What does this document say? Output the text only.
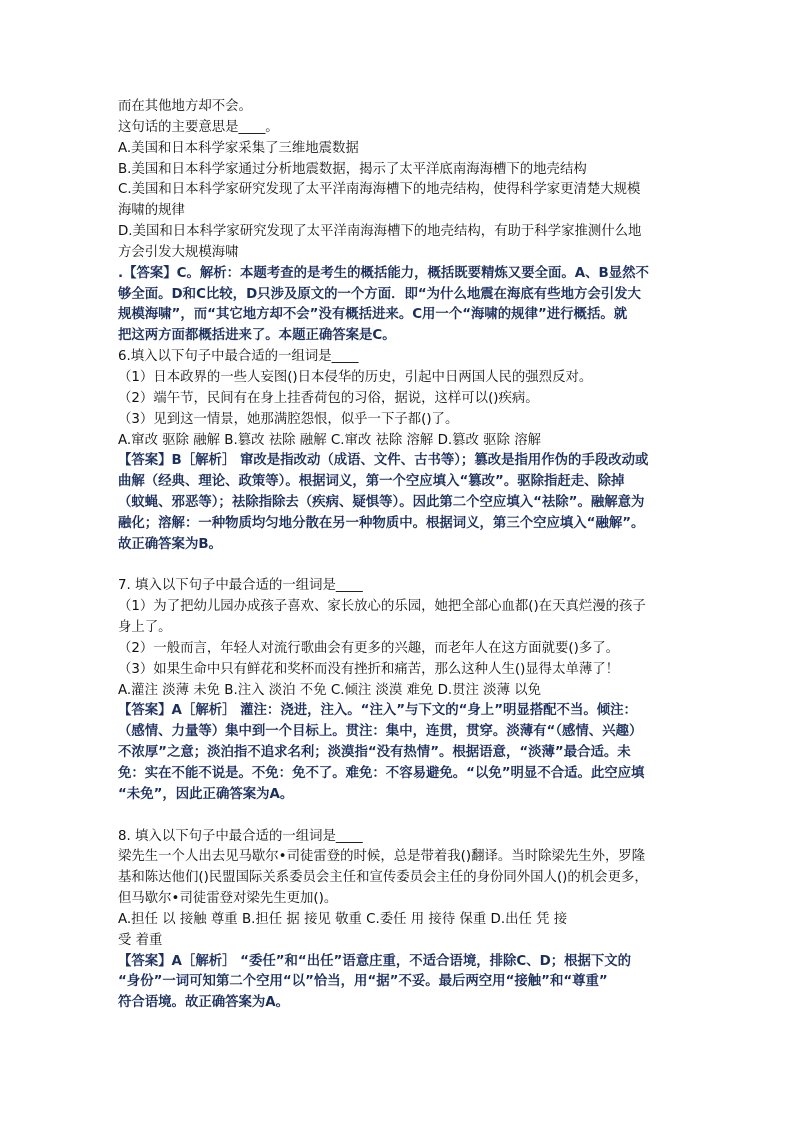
而在其他地方却不会。
这句话的主要意思是____。
A.美国和日本科学家采集了三维地震数据
B.美国和日本科学家通过分析地震数据，揭示了太平洋底南海海槽下的地壳结构
C.美国和日本科学家研究发现了太平洋南海海槽下的地壳结构，使得科学家更清楚大规模
海啸的规律
D.美国和日本科学家研究发现了太平洋南海海槽下的地壳结构，有助于科学家推测什么地
方会引发大规模海啸
.【答案】C。解析：本题考查的是考生的概括能力，概括既要精炼又要全面。A、B显然不
够全面。D和C比较，D只涉及原文的一个方面．即“为什么地震在海底有些地方会引发大
规模海啸”，而“其它地方却不会”没有概括进来。C用一个“海啸的规律”进行概括。就
把这两方面都概括进来了。本题正确答案是C。
6.填入以下句子中最合适的一组词是____
（1）日本政界的一些人妄图()日本侵华的历史，引起中日两国人民的强烈反对。
（2）端午节，民间有在身上挂香荷包的习俗，据说，这样可以()疾病。
（3）见到这一情景，她那满腔怨恨，似乎一下子都()了。
A.窜改 驱除 融解 B.篡改 祛除 融解 C.窜改 祛除 溶解 D.篡改 驱除 溶解
【答案】B［解析］ 窜改是指改动（成语、文件、古书等）；篡改是指用作伪的手段改动或
曲解（经典、理论、政策等）。根据词义，第一个空应填入“篡改”。驱除指赶走、除掉
（蚊蝇、邪恶等）；祛除指除去（疾病、疑惧等）。因此第二个空应填入“祛除”。融解意为
融化；溶解：一种物质均匀地分散在另一种物质中。根据词义，第三个空应填入“融解”。
故正确答案为B。
7. 填入以下句子中最合适的一组词是____
（1）为了把幼儿园办成孩子喜欢、家长放心的乐园，她把全部心血都()在天真烂漫的孩子
身上了。
（2）一般而言，年轻人对流行歌曲会有更多的兴趣，而老年人在这方面就要()多了。
（3）如果生命中只有鲜花和奖杯而没有挫折和痛苦，那么这种人生()显得太单薄了！
A.灌注 淡薄 未免 B.注入 淡泊 不免 C.倾注 淡漠 难免 D.贯注 淡薄 以免
【答案】A［解析］ 灌注：浇进，注入。“注入”与下文的“身上”明显搭配不当。倾注：
（感情、力量等）集中到一个目标上。贯注：集中，连贯，贯穿。淡薄有“（感情、兴趣）
不浓厚”之意；淡泊指不追求名利；淡漠指“没有热情”。根据语意，“淡薄”最合适。未
免：实在不能不说是。不免：免不了。难免：不容易避免。“以免”明显不合适。此空应填
“未免”，因此正确答案为A。
8. 填入以下句子中最合适的一组词是____
梁先生一个人出去见马歇尔•司徒雷登的时候，总是带着我()翻译。当时除梁先生外，罗隆
基和陈达他们()民盟国际关系委员会主任和宣传委员会主任的身份同外国人()的机会更多，
但马歇尔•司徒雷登对梁先生更加()。
A.担任 以 接触 尊重 B.担任 据 接见 敬重 C.委任 用 接待 保重 D.出任 凭 接
受 着重
【答案】A［解析］ “委任”和“出任”语意庄重，不适合语境，排除C、D；根据下文的
“身份”一词可知第二个空用“以”恰当，用“据”不妥。最后两空用“接触”和“尊重”
符合语境。故正确答案为A。
